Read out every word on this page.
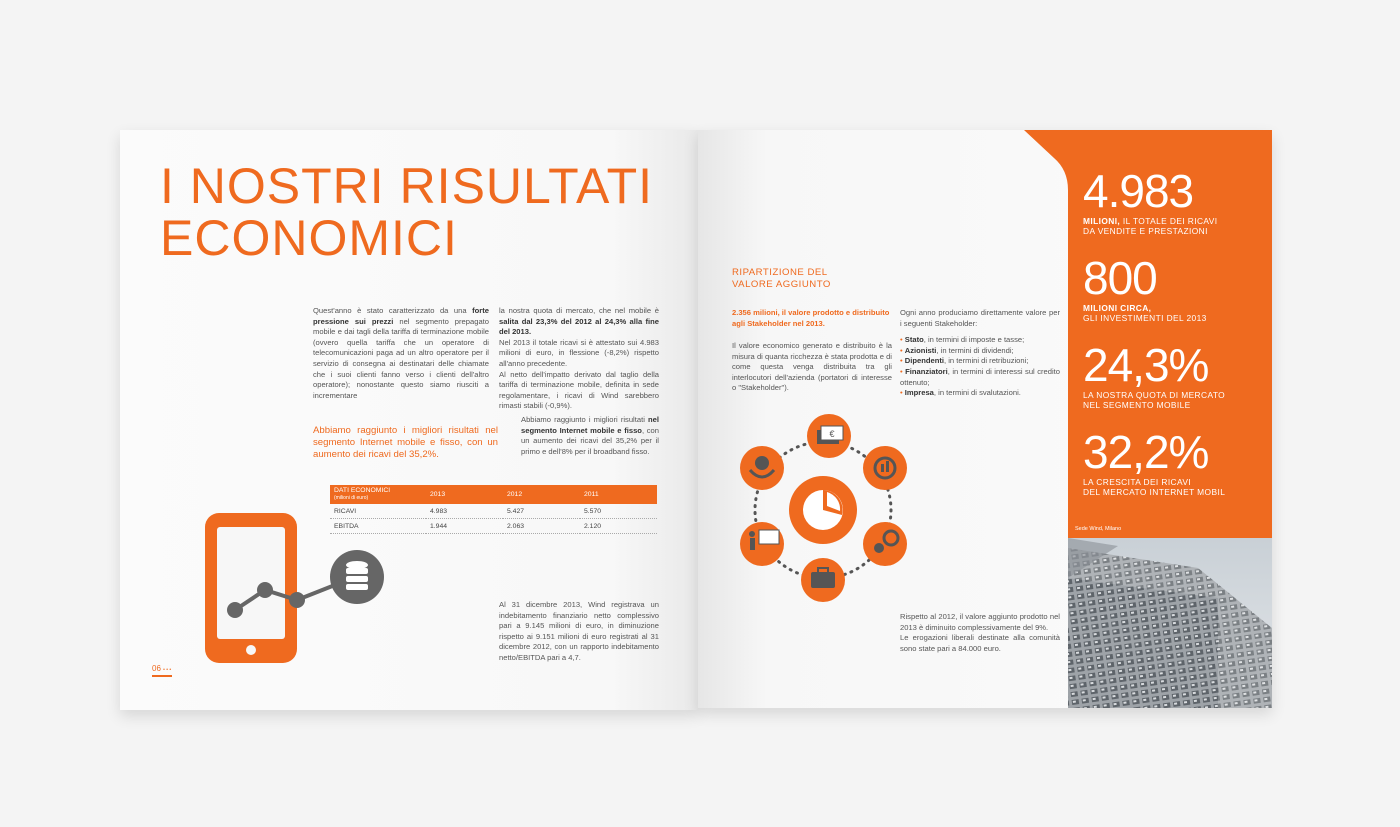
I NOSTRI RISULTATI
ECONOMICI
Quest'anno è stato caratterizzato da una forte pressione sui prezzi nel segmento prepagato mobile e dai tagli della tariffa di terminazione mobile (ovvero quella tariffa che un operatore di telecomunicazioni paga ad un altro operatore per il servizio di consegna ai destinatari delle chiamate che i suoi clienti fanno verso i clienti dell'altro operatore); nonostante questo siamo riusciti a incrementare
Abbiamo raggiunto i migliori risultati nel segmento Internet mobile e fisso, con un aumento dei ricavi del 35,2%.
la nostra quota di mercato, che nel mobile è salita dal 23,3% del 2012 al 24,3% alla fine del 2013.
Nel 2013 il totale ricavi si è attestato sui 4.983 milioni di euro, in flessione (-8,2%) rispetto all'anno precedente.
Al netto dell'impatto derivato dal taglio della tariffa di terminazione mobile, definita in sede regolamentare, i ricavi di Wind sarebbero rimasti stabili (-0,9%).
Abbiamo raggiunto i migliori risultati nel segmento Internet mobile e fisso, con un aumento dei ricavi del 35,2% per il primo e dell'8% per il broadband fisso.
DATI ECONOMICI
(milioni di euro)	2013	2012	2011
RICAVI	4.983	5.427	5.570
EBITDA	1.944	2.063	2.120
Al 31 dicembre 2013, Wind registrava un indebitamento finanziario netto complessivo pari a 9.145 milioni di euro, in diminuzione rispetto ai 9.151 milioni di euro registrati al 31 dicembre 2012, con un rapporto indebitamento netto/EBITDA pari a 4,7.
06 • • •
4.983
MILIONI, IL TOTALE DEI RICAVI
DA VENDITE E PRESTAZIONI
800
MILIONI CIRCA,
GLI INVESTIMENTI DEL 2013
24,3%
LA NOSTRA QUOTA DI MERCATO
NEL SEGMENTO MOBILE
32,2%
LA CRESCITA DEI RICAVI
DEL MERCATO INTERNET MOBIL
Sede Wind, Milano
RIPARTIZIONE DEL
VALORE AGGIUNTO
2.356 milioni, il valore prodotto e distribuito agli Stakeholder nel 2013.
Il valore economico generato e distribuito è la misura di quanta ricchezza è stata prodotta e di come questa venga distribuita tra gli interlocutori dell'azienda (portatori di interesse o "Stakeholder").
Ogni anno produciamo direttamente valore per i seguenti Stakeholder:
• Stato, in termini di imposte e tasse;
• Azionisti, in termini di dividendi;
• Dipendenti, in termini di retribuzioni;
• Finanziatori, in termini di interessi sul credito ottenuto;
• Impresa, in termini di svalutazioni.
€
Rispetto al 2012, il valore aggiunto prodotto nel 2013 è diminuito complessivamente del 9%.
Le erogazioni liberali destinate alla comunità sono state pari a 84.000 euro.
